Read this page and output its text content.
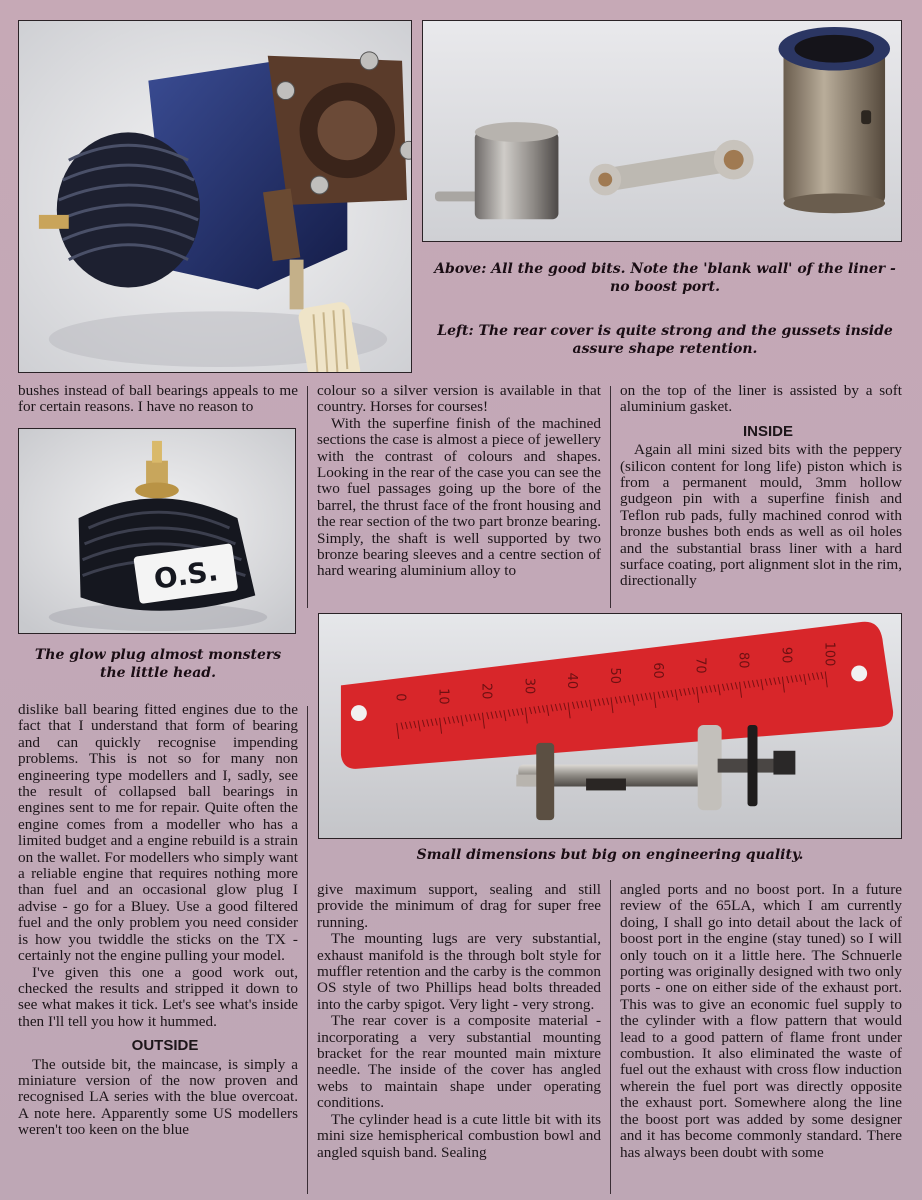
Above: All the good bits. Note the 'blank wall' of the liner - no boost port.
Left: The rear cover is quite strong and the gussets inside assure shape retention.
O.S.
The glow plug almost monsters the little head.
0 10 20 30 40 50 60 70 80 90 100
Small dimensions but big on engineering quality.

bushes instead of ball bearings appeals to me for certain reasons. I have no reason to

dislike ball bearing fitted engines due to the fact that I understand that form of bearing and can quickly recognise impending problems. This is not so for many non engineering type modellers and I, sadly, see the result of collapsed ball bearings in engines sent to me for repair. Quite often the engine comes from a modeller who has a limited budget and a engine rebuild is a strain on the wallet. For modellers who simply want a reliable engine that requires nothing more than fuel and an occasional glow plug I advise - go for a Bluey. Use a good filtered fuel and the only problem you need consider is how you twiddle the sticks on the TX - certainly not the engine pulling your model.

I've given this one a good work out, checked the results and stripped it down to see what makes it tick. Let's see what's inside then I'll tell you how it hummed.

OUTSIDE

The outside bit, the maincase, is simply a miniature version of the now proven and recognised LA series with the blue overcoat. A note here. Apparently some US modellers weren't too keen on the blue

colour so a silver version is available in that country. Horses for courses!

With the superfine finish of the machined sections the case is almost a piece of jewellery with the contrast of colours and shapes. Looking in the rear of the case you can see the two fuel passages going up the bore of the barrel, the thrust face of the front housing and the rear section of the two part bronze bearing. Simply, the shaft is well supported by two bronze bearing sleeves and a centre section of hard wearing aluminium alloy to

give maximum support, sealing and still provide the minimum of drag for super free running.

The mounting lugs are very substantial, exhaust manifold is the through bolt style for muffler retention and the carby is the common OS style of two Phillips head bolts threaded into the carby spigot. Very light - very strong.

The rear cover is a composite material - incorporating a very substantial mounting bracket for the rear mounted main mixture needle. The inside of the cover has angled webs to maintain shape under operating conditions.

The cylinder head is a cute little bit with its mini size hemispherical combustion bowl and angled squish band. Sealing

on the top of the liner is assisted by a soft aluminium gasket.

INSIDE

Again all mini sized bits with the peppery (silicon content for long life) piston which is from a permanent mould, 3mm hollow gudgeon pin with a superfine finish and Teflon rub pads, fully machined conrod with bronze bushes both ends as well as oil holes and the substantial brass liner with a hard surface coating, port alignment slot in the rim, directionally

angled ports and no boost port. In a future review of the 65LA, which I am currently doing, I shall go into detail about the lack of boost port in the engine (stay tuned) so I will only touch on it a little here. The Schnuerle porting was originally designed with two only ports - one on either side of the exhaust port. This was to give an economic fuel supply to the cylinder with a flow pattern that would lead to a good pattern of flame front under combustion. It also eliminated the waste of fuel out the exhaust with cross flow induction wherein the fuel port was directly opposite the exhaust port. Somewhere along the line the boost port was added by some designer and it has become commonly standard. There has always been doubt with some
